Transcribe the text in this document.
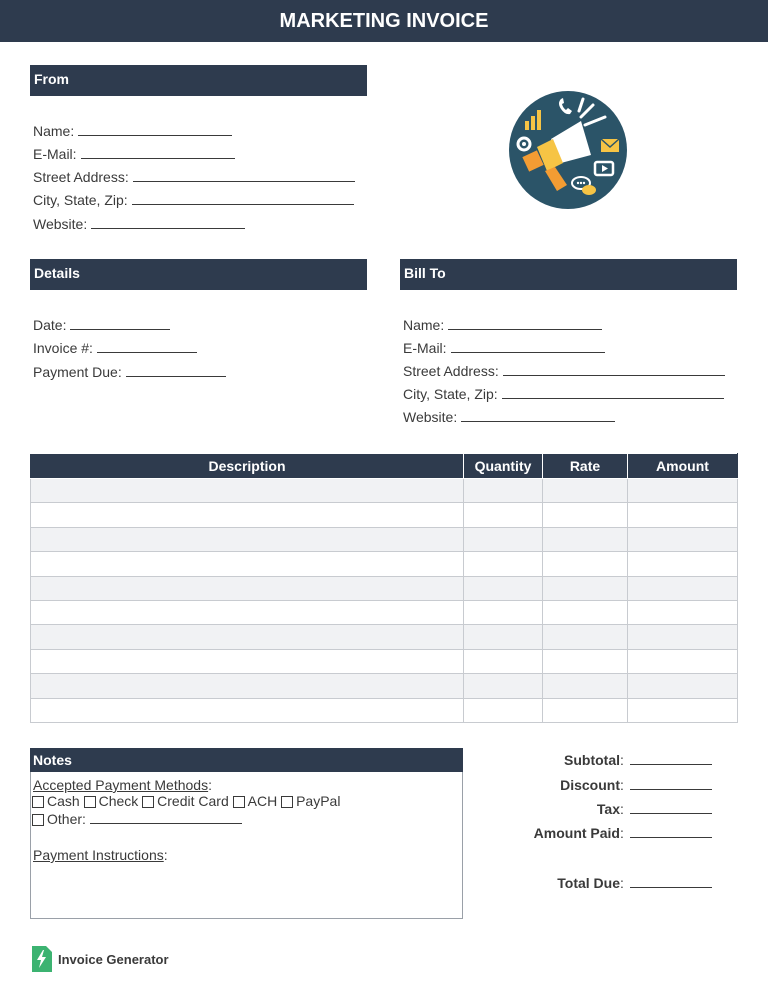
MARKETING INVOICE
From
Name:
E-Mail:
Street Address:
City, State, Zip:
Website:
Details
Date:
Invoice #:
Payment Due:
Bill To
Name:
E-Mail:
Street Address:
City, State, Zip:
Website:
Description	Quantity	Rate	Amount

Notes
Accepted Payment Methods:
Cash Check Credit Card ACH PayPal
Other:
Payment Instructions:
Subtotal:
Discount:
Tax:
Amount Paid:
Total Due:
Invoice Generator
